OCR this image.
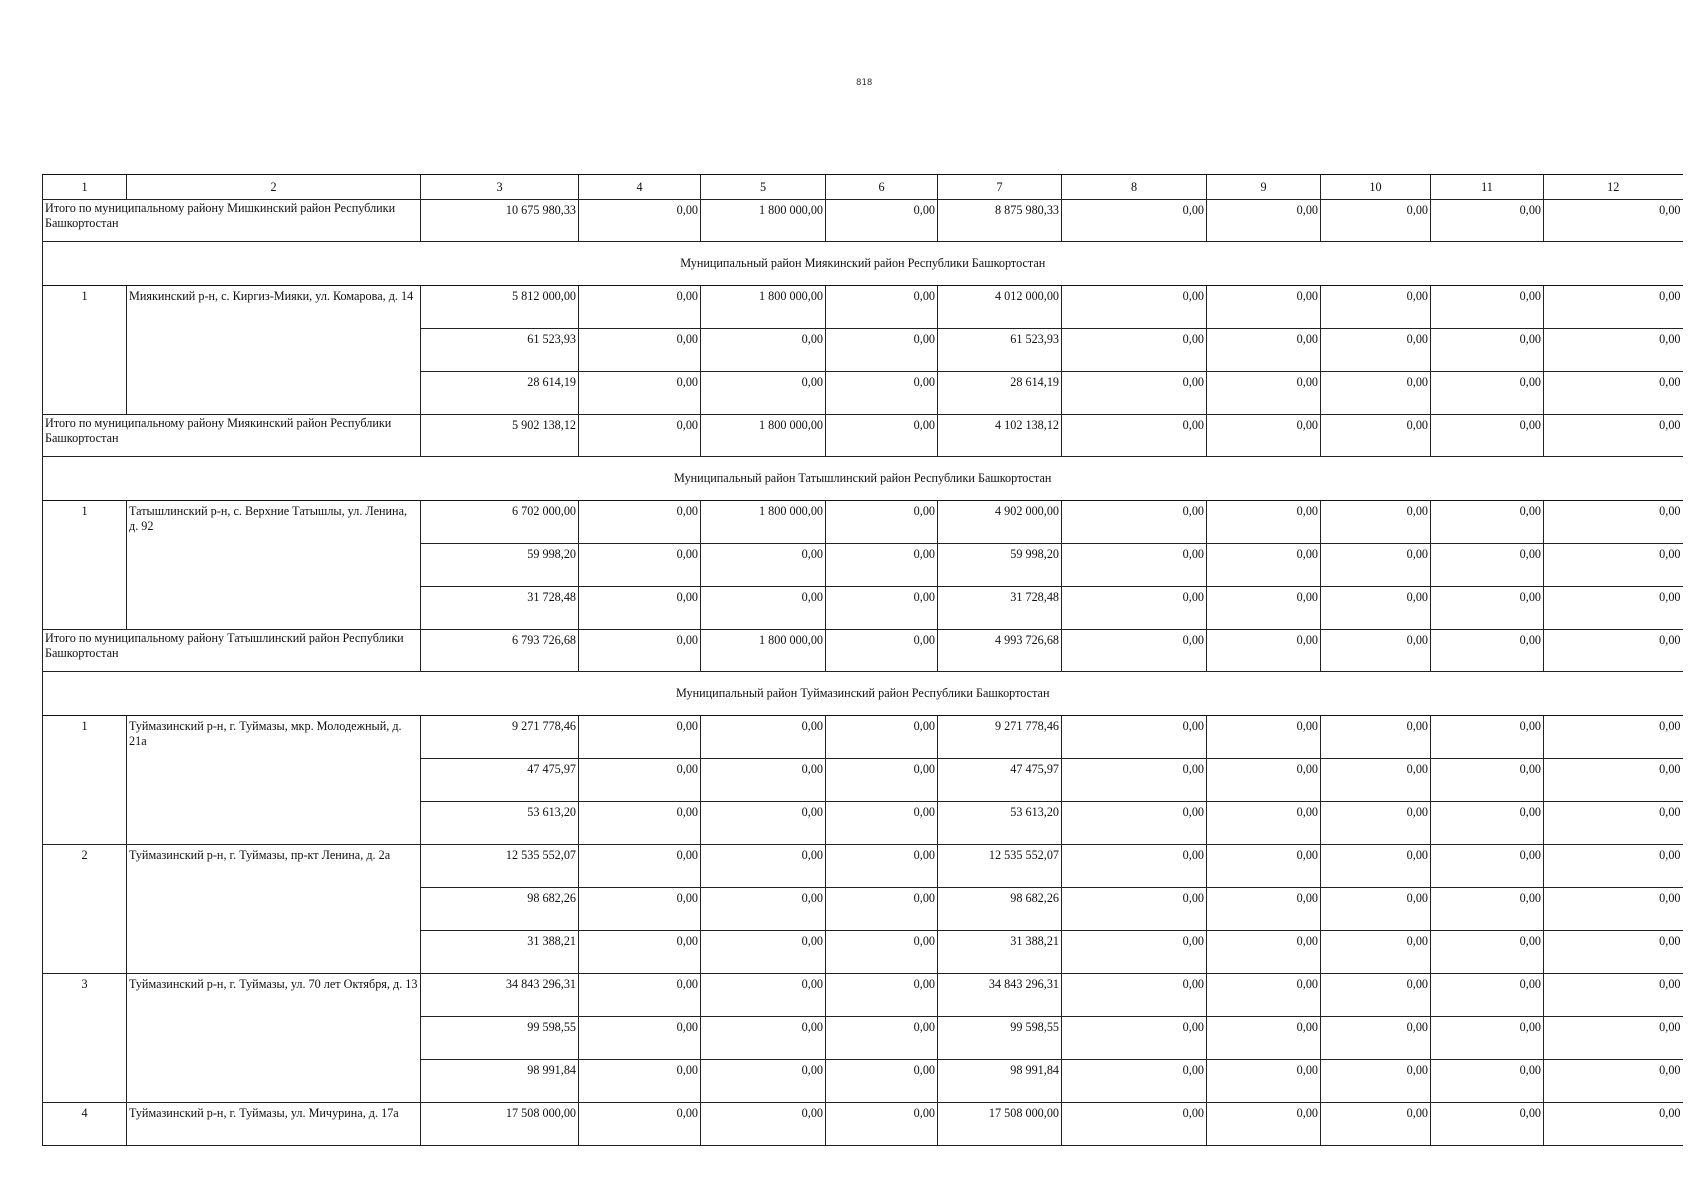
818
1	2	3	4	5	6	7	8	9	10	11	12
Итого по муниципальному району Мишкинский район Республики Башкортостан		10 675 980,33	0,00	1 800 000,00	0,00	8 875 980,33	0,00	0,00	0,00	0,00	0,00
Муниципальный район Миякинский район Республики Башкортостан											
1	Миякинский р-н, с. Киргиз-Мияки, ул. Комарова, д. 14	5 812 000,00	0,00	1 800 000,00	0,00	4 012 000,00	0,00	0,00	0,00	0,00	0,00
		61 523,93	0,00	0,00	0,00	61 523,93	0,00	0,00	0,00	0,00	0,00
		28 614,19	0,00	0,00	0,00	28 614,19	0,00	0,00	0,00	0,00	0,00
Итого по муниципальному району Миякинский район Республики Башкортостан		5 902 138,12	0,00	1 800 000,00	0,00	4 102 138,12	0,00	0,00	0,00	0,00	0,00
Муниципальный район Татышлинский район Республики Башкортостан											
1	Татышлинский р-н, с. Верхние Татышлы, ул. Ленина, д. 92	6 702 000,00	0,00	1 800 000,00	0,00	4 902 000,00	0,00	0,00	0,00	0,00	0,00
		59 998,20	0,00	0,00	0,00	59 998,20	0,00	0,00	0,00	0,00	0,00
		31 728,48	0,00	0,00	0,00	31 728,48	0,00	0,00	0,00	0,00	0,00
Итого по муниципальному району Татышлинский район Республики Башкортостан		6 793 726,68	0,00	1 800 000,00	0,00	4 993 726,68	0,00	0,00	0,00	0,00	0,00
Муниципальный район Туймазинский район Республики Башкортостан											
1	Туймазинский р-н, г. Туймазы, мкр. Молодежный, д. 21а	9 271 778,46	0,00	0,00	0,00	9 271 778,46	0,00	0,00	0,00	0,00	0,00
		47 475,97	0,00	0,00	0,00	47 475,97	0,00	0,00	0,00	0,00	0,00
		53 613,20	0,00	0,00	0,00	53 613,20	0,00	0,00	0,00	0,00	0,00
2	Туймазинский р-н, г. Туймазы, пр-кт Ленина, д. 2а	12 535 552,07	0,00	0,00	0,00	12 535 552,07	0,00	0,00	0,00	0,00	0,00
		98 682,26	0,00	0,00	0,00	98 682,26	0,00	0,00	0,00	0,00	0,00
		31 388,21	0,00	0,00	0,00	31 388,21	0,00	0,00	0,00	0,00	0,00
3	Туймазинский р-н, г. Туймазы, ул. 70 лет Октября, д. 13	34 843 296,31	0,00	0,00	0,00	34 843 296,31	0,00	0,00	0,00	0,00	0,00
		99 598,55	0,00	0,00	0,00	99 598,55	0,00	0,00	0,00	0,00	0,00
		98 991,84	0,00	0,00	0,00	98 991,84	0,00	0,00	0,00	0,00	0,00
4	Туймазинский р-н, г. Туймазы, ул. Мичурина, д. 17а	17 508 000,00	0,00	0,00	0,00	17 508 000,00	0,00	0,00	0,00	0,00	0,00
